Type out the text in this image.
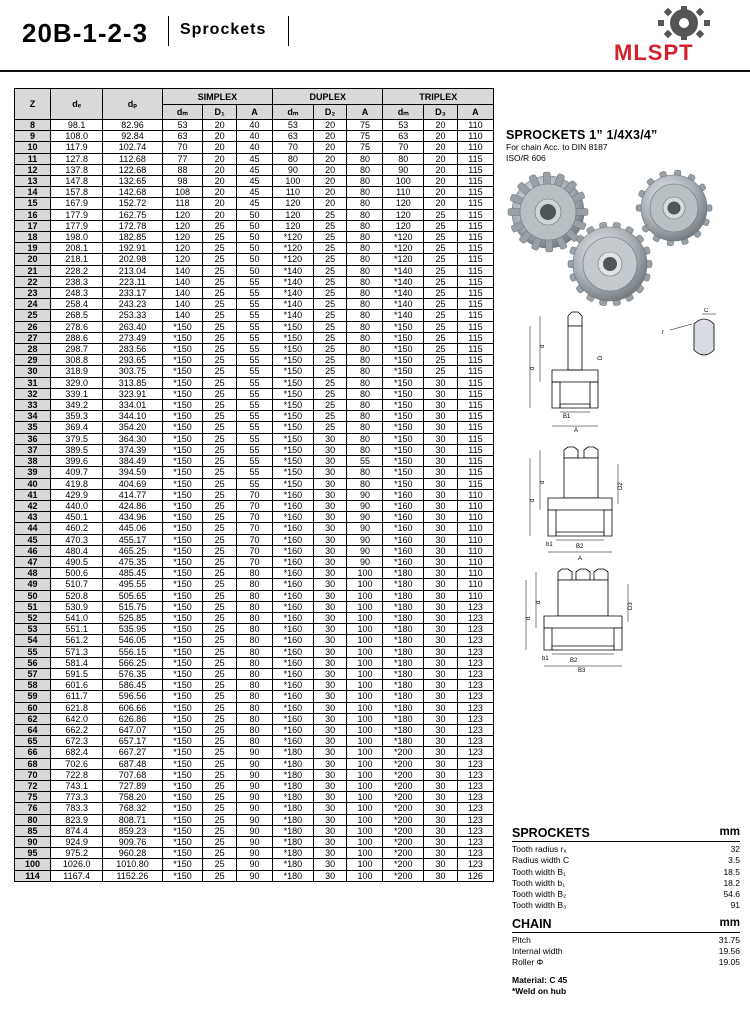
20B-1-2-3 Sprockets
MLSPT
Z	dₑ	dₚ	SIMPLEX			DUPLEX			TRIPLEX		
			dₘ	D₁	A	dₘ	D₂	A	dₘ	D₃	A
8	98.1	82.96	53	20	40	53	20	75	53	20	110
9	108.0	92.84	63	20	40	63	20	75	63	20	110
10	117.9	102.74	70	20	40	70	20	75	70	20	110
11	127.8	112.68	77	20	45	80	20	80	80	20	115
12	137.8	122.68	88	20	45	90	20	80	90	20	115
13	147.8	132.65	98	20	45	100	20	80	100	20	115
14	157.8	142.68	108	20	45	110	20	80	110	20	115
15	167.9	152.72	118	20	45	120	20	80	120	20	115
16	177.9	162.75	120	20	50	120	25	80	120	25	115
17	177.9	172.78	120	25	50	120	25	80	120	25	115
18	198.0	182.85	120	25	50	*120	25	80	*120	25	115
19	208.1	192.91	120	25	50	*120	25	80	*120	25	115
20	218.1	202.98	120	25	50	*120	25	80	*120	25	115
21	228.2	213.04	140	25	50	*140	25	80	*140	25	115
22	238.3	223.11	140	25	55	*140	25	80	*140	25	115
23	248.3	233.17	140	25	55	*140	25	80	*140	25	115
24	258.4	243.23	140	25	55	*140	25	80	*140	25	115
25	268.5	253.33	140	25	55	*140	25	80	*140	25	115
26	278.6	263.40	*150	25	55	*150	25	80	*150	25	115
27	288.6	273.49	*150	25	55	*150	25	80	*150	25	115
28	298.7	283.56	*150	25	55	*150	25	80	*150	25	115
29	308.8	293.65	*150	25	55	*150	25	80	*150	25	115
30	318.9	303.75	*150	25	55	*150	25	80	*150	25	115
31	329.0	313.85	*150	25	55	*150	25	80	*150	30	115
32	339.1	323.91	*150	25	55	*150	25	80	*150	30	115
33	349.2	334.01	*150	25	55	*150	25	80	*150	30	115
34	359.3	344.10	*150	25	55	*150	25	80	*150	30	115
35	369.4	354.20	*150	25	55	*150	25	80	*150	30	115
36	379.5	364.30	*150	25	55	*150	30	80	*150	30	115
37	389.5	374.39	*150	25	55	*150	30	80	*150	30	115
38	399.6	384.49	*150	25	55	*150	30	55	*150	30	115
39	409.7	394.59	*150	25	55	*150	30	80	*150	30	115
40	419.8	404.69	*150	25	55	*150	30	80	*150	30	115
41	429.9	414.77	*150	25	70	*160	30	90	*160	30	110
42	440.0	424.86	*150	25	70	*160	30	90	*160	30	110
43	450.1	434.96	*150	25	70	*160	30	90	*160	30	110
44	460.2	445.06	*150	25	70	*160	30	90	*160	30	110
45	470.3	455.17	*150	25	70	*160	30	90	*160	30	110
46	480.4	465.25	*150	25	70	*160	30	90	*160	30	110
47	490.5	475.35	*150	25	70	*160	30	90	*160	30	110
48	500.6	485.45	*150	25	80	*160	30	100	*180	30	110
49	510.7	495.55	*150	25	80	*160	30	100	*180	30	110
50	520.8	505.65	*150	25	80	*160	30	100	*180	30	110
51	530.9	515.75	*150	25	80	*160	30	100	*180	30	123
52	541.0	525.85	*150	25	80	*160	30	100	*180	30	123
53	551.1	535.95	*150	25	80	*160	30	100	*180	30	123
54	561.2	546.05	*150	25	80	*160	30	100	*180	30	123
55	571.3	556.15	*150	25	80	*160	30	100	*180	30	123
56	581.4	566.25	*150	25	80	*160	30	100	*180	30	123
57	591.5	576.35	*150	25	80	*160	30	100	*180	30	123
58	601.6	586.45	*150	25	80	*160	30	100	*180	30	123
59	611.7	596.56	*150	25	80	*160	30	100	*180	30	123
60	621.8	606.66	*150	25	80	*160	30	100	*180	30	123
62	642.0	626.86	*150	25	80	*160	30	100	*180	30	123
64	662.2	647.07	*150	25	80	*160	30	100	*180	30	123
65	672.3	657.17	*150	25	80	*160	30	100	*180	30	123
66	682.4	667.27	*150	25	90	*180	30	100	*200	30	123
68	702.6	687.48	*150	25	90	*180	30	100	*200	30	123
70	722.8	707.68	*150	25	90	*180	30	100	*200	30	123
72	743.1	727.89	*150	25	90	*180	30	100	*200	30	123
75	773.3	758.20	*150	25	90	*180	30	100	*200	30	123
76	783.3	768.32	*150	25	90	*180	30	100	*200	30	123
80	823.9	808.71	*150	25	90	*180	30	100	*200	30	123
85	874.4	859.23	*150	25	90	*180	30	100	*200	30	123
90	924.9	909.76	*150	25	90	*180	30	100	*200	30	123
95	975.2	960.28	*150	25	90	*180	30	100	*200	30	123
100	1026.0	1010.80	*150	25	90	*180	30	100	*200	30	123
114	1167.4	1152.26	*150	25	90	*180	30	100	*200	30	126
SPROCKETS 1” 1/4X3/4”
For chain Acc. to DIN 8187
ISO/R 606
d
d
D
B1
A
C
r
d
d
D2
b1	B2
A
d
d
D3
b1	B2
B3
mm
SPROCKETS
Tooth radius rₓ	32
Radius width C	3.5
Tooth width B₁	18.5
Tooth width b₁	18.2
Tooth width B₂	54.6
Tooth width B₃	91
mm
CHAIN
Pitch	31.75
Internal width	19.56
Roller Φ	19.05
Material: C 45
*Weld on hub
